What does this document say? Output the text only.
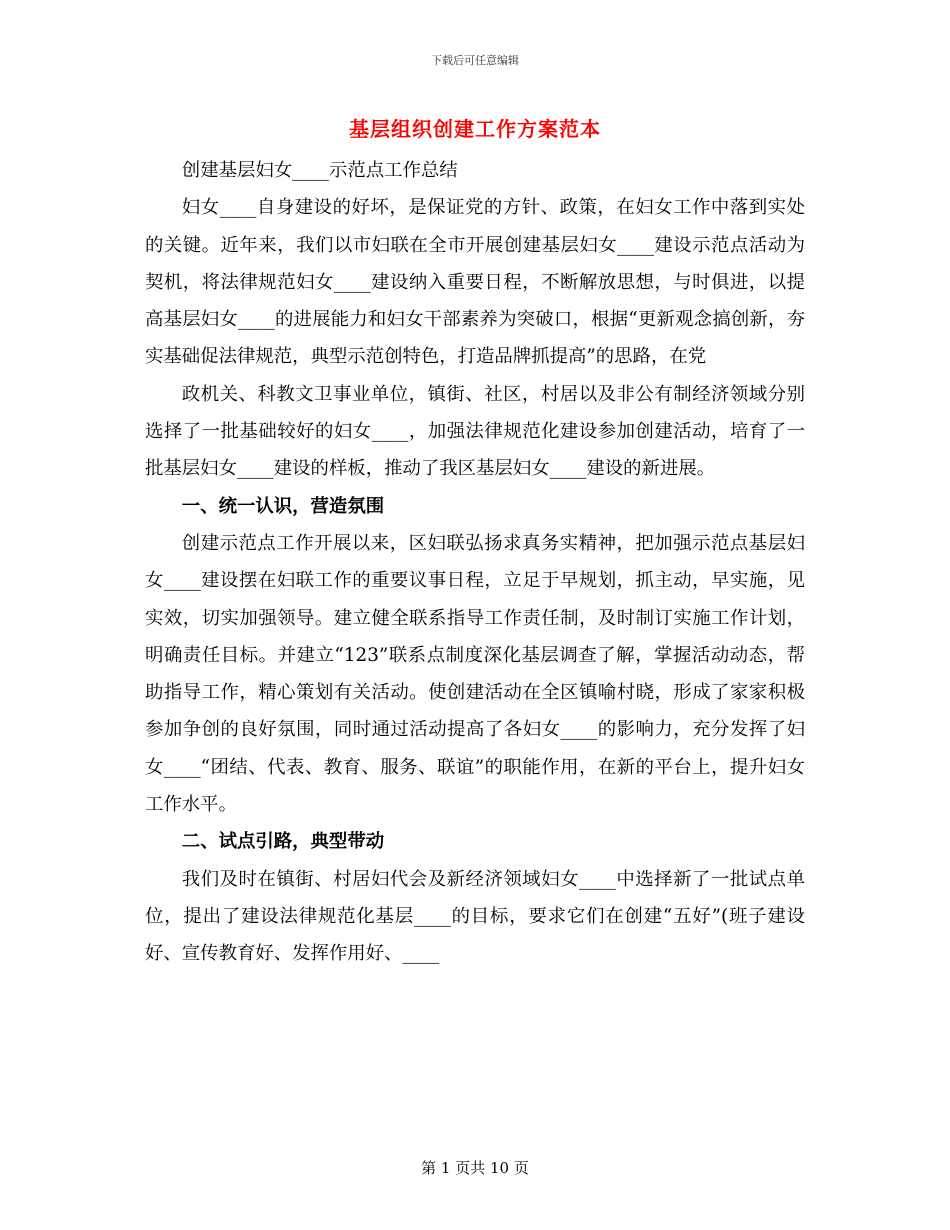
下载后可任意编辑
基层组织创建工作方案范本

创建基层妇女____示范点工作总结

妇女____自身建设的好坏，是保证党的方针、政策，在妇女工作中落到实处的关键。近年来，我们以市妇联在全市开展创建基层妇女____建设示范点活动为契机，将法律规范妇女____建设纳入重要日程，不断解放思想，与时俱进，以提高基层妇女____的进展能力和妇女干部素养为突破口，根据“更新观念搞创新，夯实基础促法律规范，典型示范创特色，打造品牌抓提高”的思路，在党

政机关、科教文卫事业单位，镇街、社区，村居以及非公有制经济领域分别选择了一批基础较好的妇女____，加强法律规范化建设参加创建活动，培育了一批基层妇女____建设的样板，推动了我区基层妇女____建设的新进展。

一、统一认识，营造氛围

创建示范点工作开展以来，区妇联弘扬求真务实精神，把加强示范点基层妇女____建设摆在妇联工作的重要议事日程，立足于早规划，抓主动，早实施，见实效，切实加强领导。建立健全联系指导工作责任制，及时制订实施工作计划，明确责任目标。并建立“123”联系点制度深化基层调查了解，掌握活动动态，帮助指导工作，精心策划有关活动。使创建活动在全区镇喻村晓，形成了家家积极参加争创的良好氛围，同时通过活动提高了各妇女____的影响力，充分发挥了妇女____“团结、代表、教育、服务、联谊”的职能作用，在新的平台上，提升妇女工作水平。

二、试点引路，典型带动

我们及时在镇街、村居妇代会及新经济领域妇女____中选择新了一批试点单位，提出了建设法律规范化基层____的目标，要求它们在创建“五好”(班子建设好、宣传教育好、发挥作用好、____

第 1 页共 10 页
